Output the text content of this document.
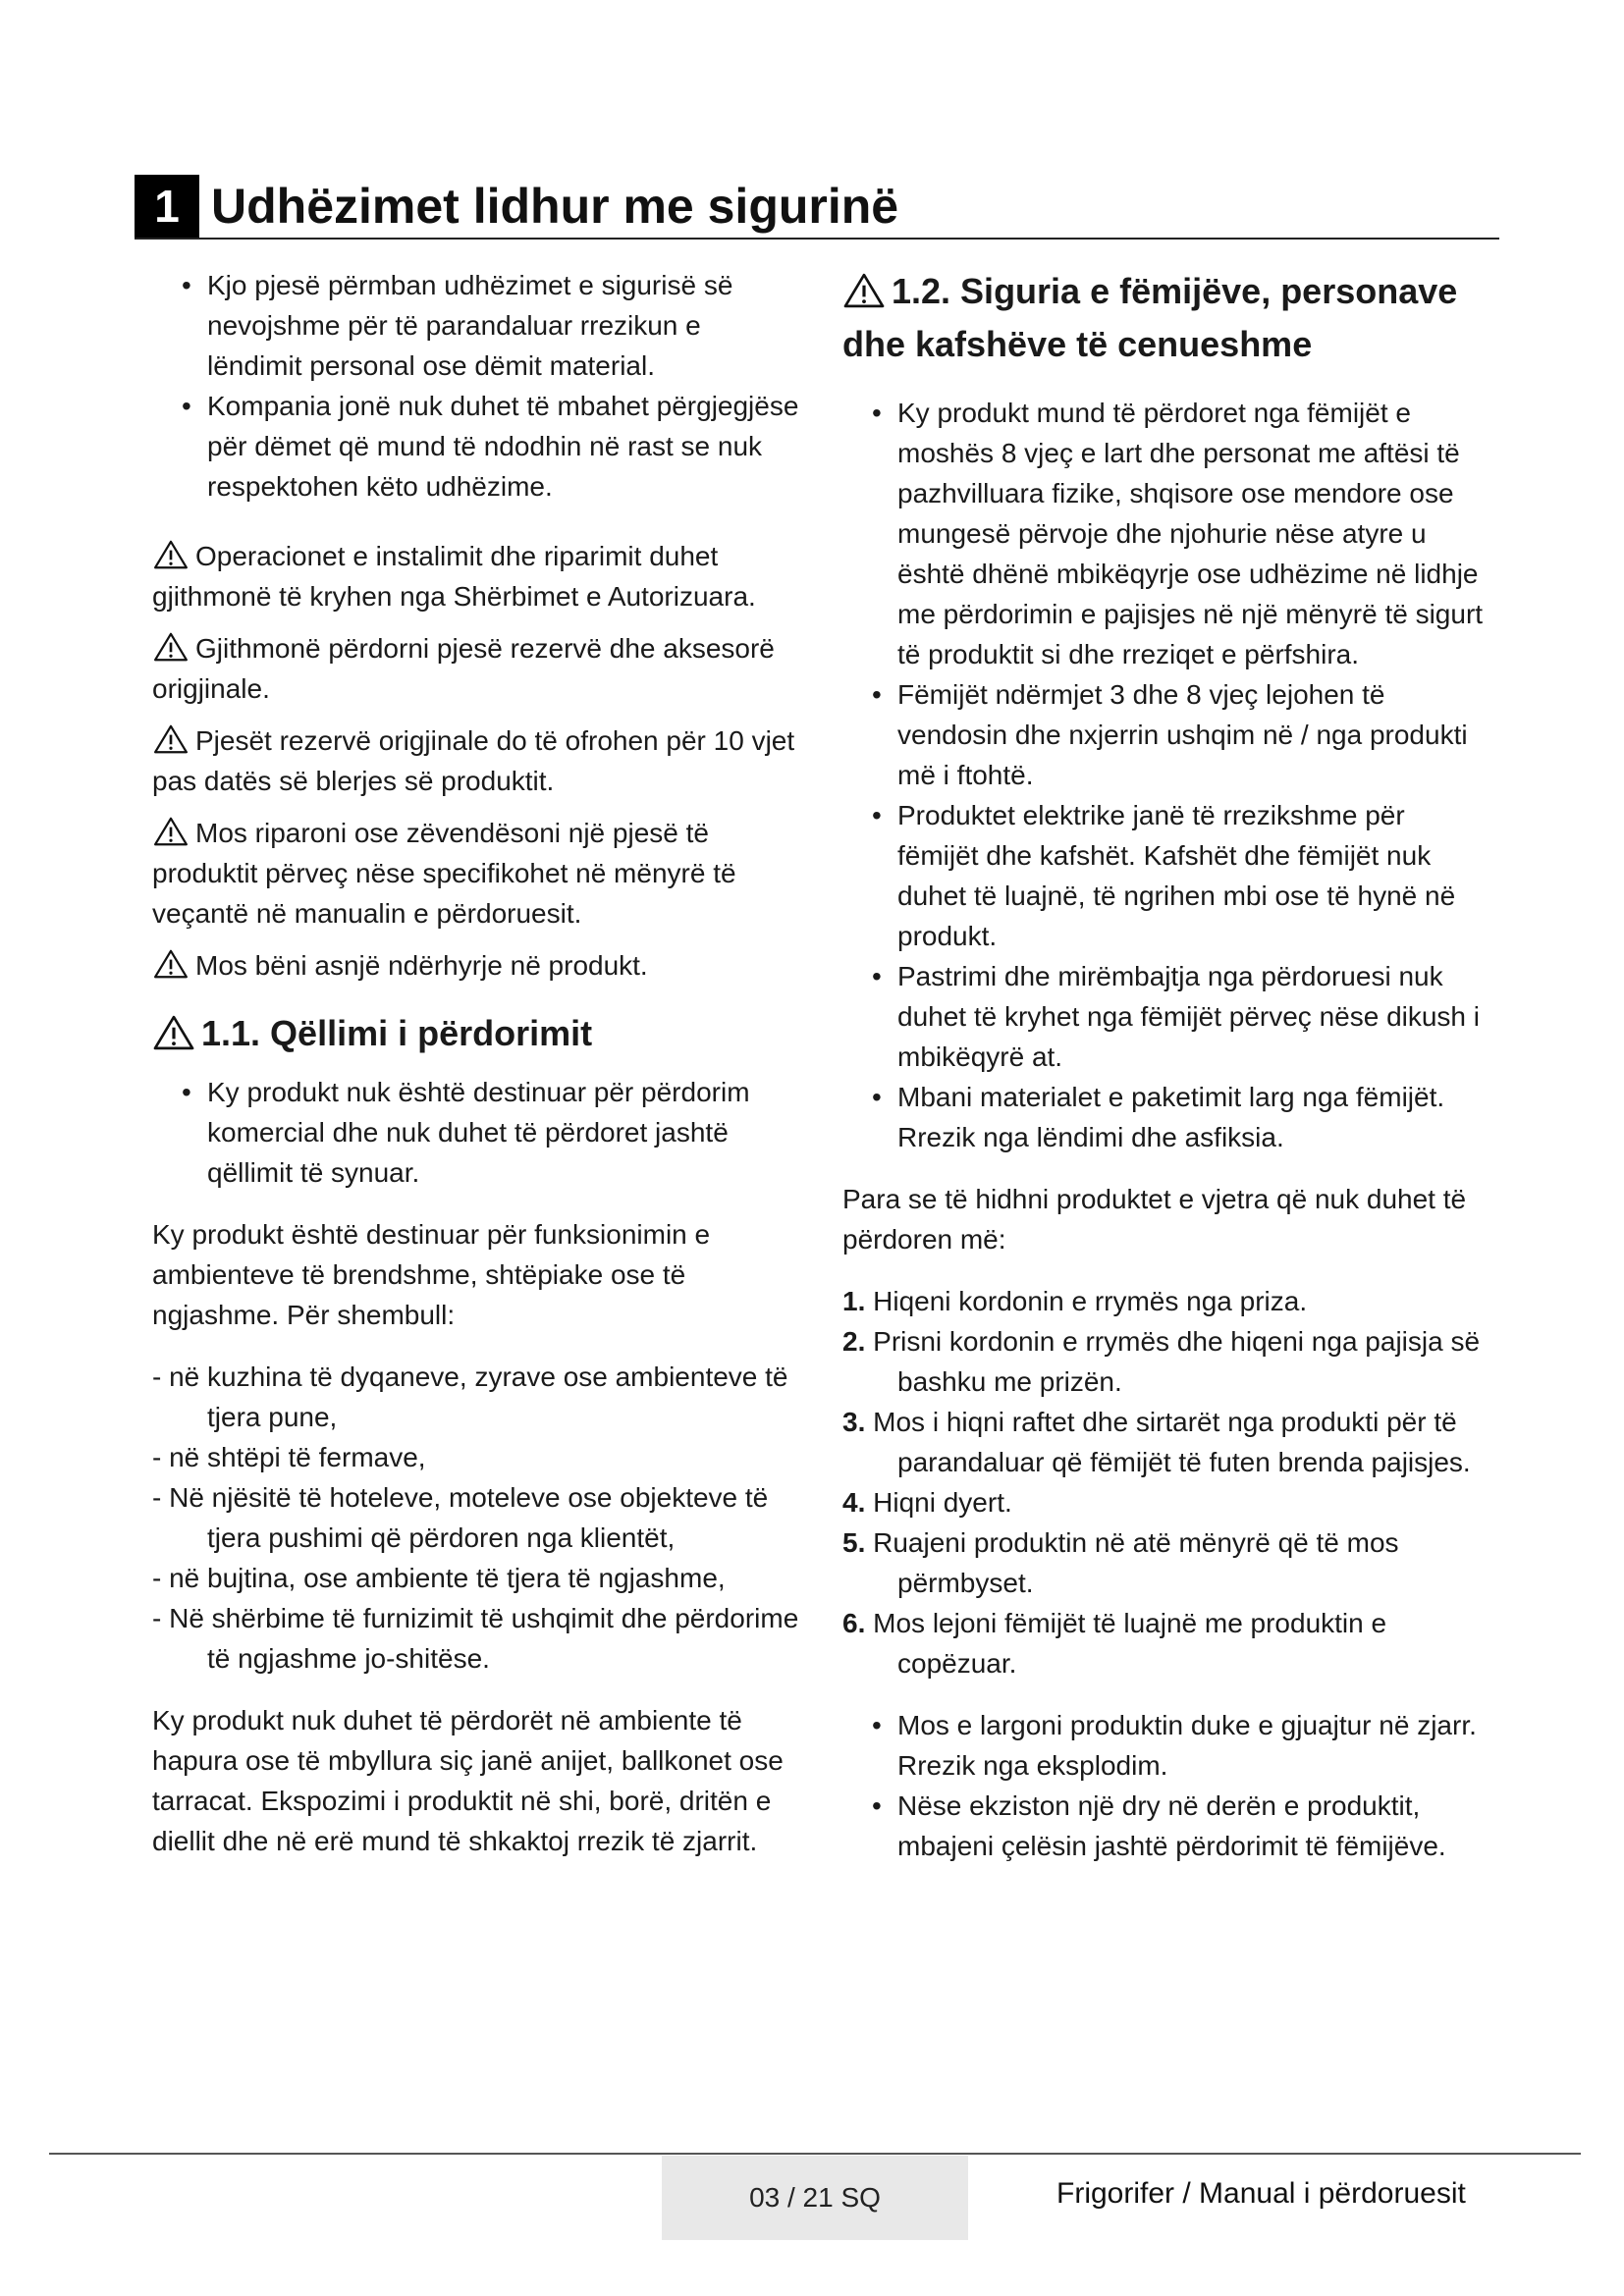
1 Udhëzimet lidhur me sigurinë
• Kjo pjesë përmban udhëzimet e sigurisë së nevojshme për të parandaluar rrezikun e lëndimit personal ose dëmit material.
• Kompania jonë nuk duhet të mbahet përgjegjëse për dëmet që mund të ndodhin në rast se nuk respektohen këto udhëzime.

Operacionet e instalimit dhe riparimit duhet gjithmonë të kryhen nga Shërbimet e Autorizuara.

Gjithmonë përdorni pjesë rezervë dhe aksesorë origjinale.

Pjesët rezervë origjinale do të ofrohen për 10 vjet pas datës së blerjes së produktit.

Mos riparoni ose zëvendësoni një pjesë të produktit përveç nëse specifikohet në mënyrë të veçantë në manualin e përdoruesit.

Mos bëni asnjë ndërhyrje në produkt.

1.1. Qëllimi i përdorimit
• Ky produkt nuk është destinuar për përdorim komercial dhe nuk duhet të përdoret jashtë qëllimit të synuar.

Ky produkt është destinuar për funksionimin e ambienteve të brendshme, shtëpiake ose të ngjashme. Për shembull:

- në kuzhina të dyqaneve, zyrave ose ambienteve të tjera pune,
- në shtëpi të fermave,
- Në njësitë të hoteleve, moteleve ose objekteve të tjera pushimi që përdoren nga klientët,
- në bujtina, ose ambiente të tjera të ngjashme,
- Në shërbime të furnizimit të ushqimit dhe përdorime të ngjashme jo-shitëse.

Ky produkt nuk duhet të përdorët në ambiente të hapura ose të mbyllura siç janë anijet, ballkonet ose tarracat. Ekspozimi i produktit në shi, borë, dritën e diellit dhe në erë mund të shkaktoj rrezik të zjarrit.

1.2. Siguria e fëmijëve, personave dhe kafshëve të cenueshme
• Ky produkt mund të përdoret nga fëmijët e moshës 8 vjeç e lart dhe personat me aftësi të pazhvilluara fizike, shqisore ose mendore ose mungesë përvoje dhe njohurie nëse atyre u është dhënë mbikëqyrje ose udhëzime në lidhje me përdorimin e pajisjes në një mënyrë të sigurt të produktit si dhe rreziqet e përfshira.
• Fëmijët ndërmjet 3 dhe 8 vjeç lejohen të vendosin dhe nxjerrin ushqim në / nga produkti më i ftohtë.
• Produktet elektrike janë të rrezikshme për fëmijët dhe kafshët. Kafshët dhe fëmijët nuk duhet të luajnë, të ngrihen mbi ose të hynë në produkt.
• Pastrimi dhe mirëmbajtja nga përdoruesi nuk duhet të kryhet nga fëmijët përveç nëse dikush i mbikëqyrë at.
• Mbani materialet e paketimit larg nga fëmijët. Rrezik nga lëndimi dhe asfiksia.

Para se të hidhni produktet e vjetra që nuk duhet të përdoren më:

1. Hiqeni kordonin e rrymës nga priza.
2. Prisni kordonin e rrymës dhe hiqeni nga pajisja së bashku me prizën.
3. Mos i hiqni raftet dhe sirtarët nga produkti për të parandaluar që fëmijët të futen brenda pajisjes.
4. Hiqni dyert.
5. Ruajeni produktin në atë mënyrë që të mos përmbyset.
6. Mos lejoni fëmijët të luajnë me produktin e copëzuar.
• Mos e largoni produktin duke e gjuajtur në zjarr. Rrezik nga eksplodim.
• Nëse ekziston një dry në derën e produktit, mbajeni çelësin jashtë përdorimit të fëmijëve.
03 / 21 SQ	Frigorifer / Manual i përdoruesit
